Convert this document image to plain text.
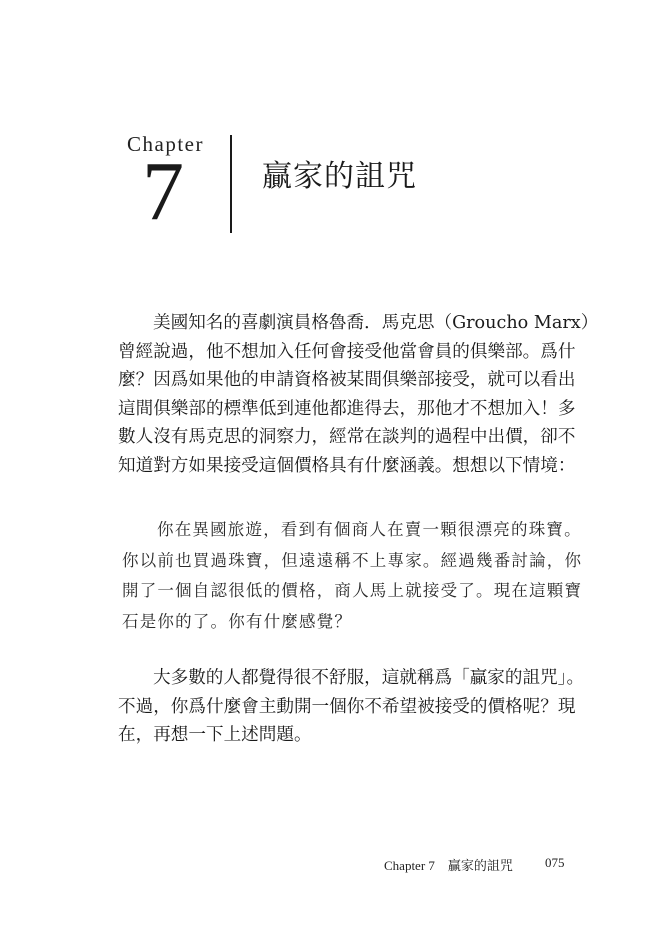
Chapter
7	贏家的詛咒

美國知名的喜劇演員格魯喬．馬克思（Groucho Marx）
曾經說過，他不想加入任何會接受他當會員的俱樂部。爲什
麼？因爲如果他的申請資格被某間俱樂部接受，就可以看出
這間俱樂部的標準低到連他都進得去，那他才不想加入！多
數人沒有馬克思的洞察力，經常在談判的過程中出價，卻不
知道對方如果接受這個價格具有什麼涵義。想想以下情境：

你在異國旅遊，看到有個商人在賣一顆很漂亮的珠寶。
你以前也買過珠寶，但遠遠稱不上專家。經過幾番討論，你
開了一個自認很低的價格，商人馬上就接受了。現在這顆寶
石是你的了。你有什麼感覺？

大多數的人都覺得很不舒服，這就稱爲「贏家的詛咒」。
不過，你爲什麼會主動開一個你不希望被接受的價格呢？現
在，再想一下上述問題。

Chapter 7　贏家的詛咒 075
